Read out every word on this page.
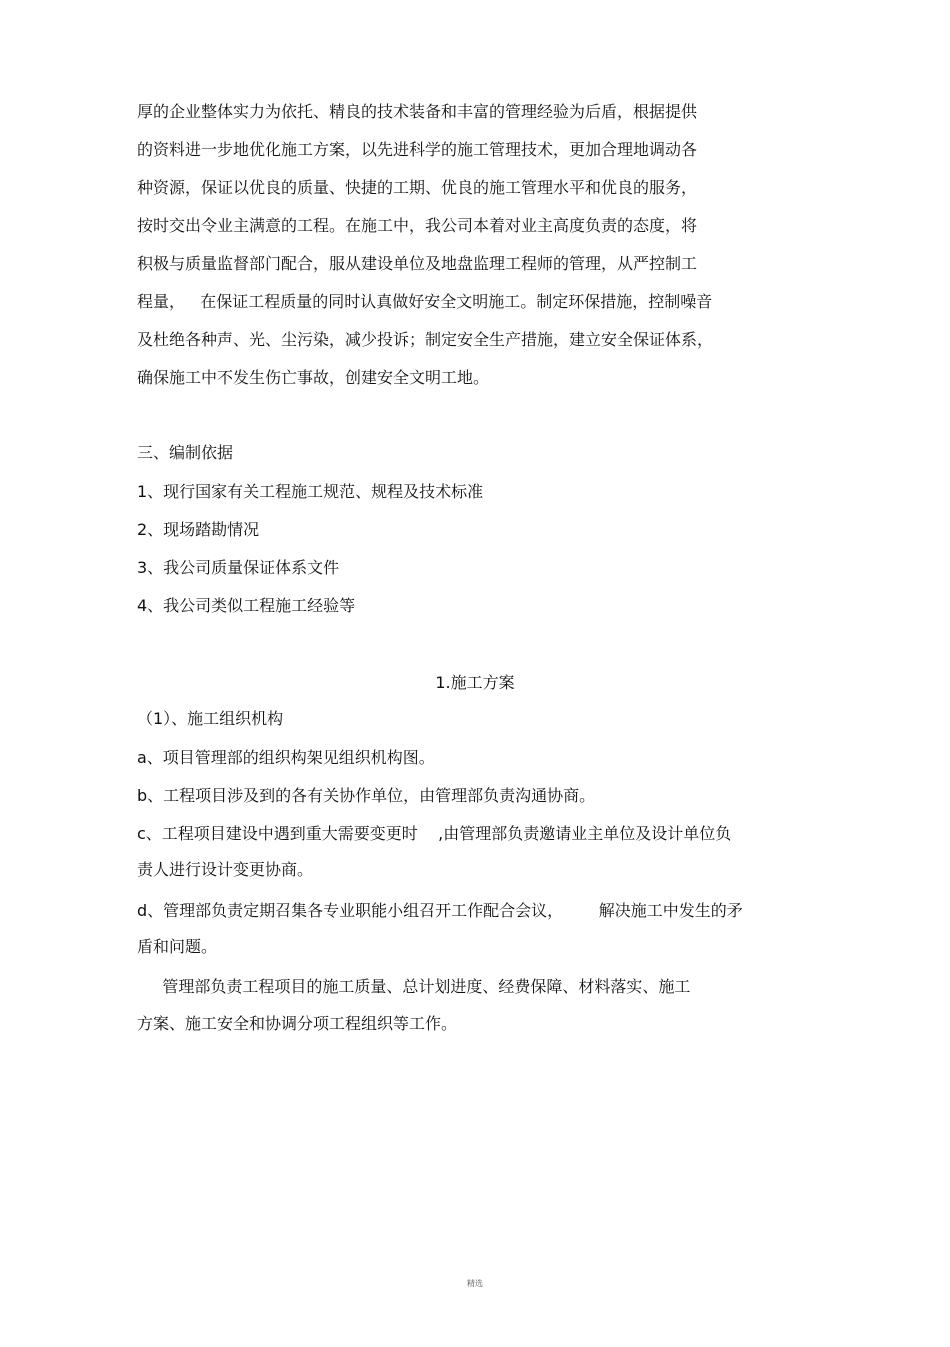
厚的企业整体实力为依托、精良的技术装备和丰富的管理经验为后盾，根据提供
的资料进一步地优化施工方案，以先进科学的施工管理技术，更加合理地调动各
种资源，保证以优良的质量、快捷的工期、优良的施工管理水平和优良的服务，
按时交出令业主满意的工程。在施工中，我公司本着对业主高度负责的态度，将
积极与质量监督部门配合，服从建设单位及地盘监理工程师的管理，从严控制工
程量，   在保证工程质量的同时认真做好安全文明施工。制定环保措施，控制噪音
及杜绝各种声、光、尘污染，减少投诉；制定安全生产措施，建立安全保证体系，
确保施工中不发生伤亡事故，创建安全文明工地。
三、编制依据
1、现行国家有关工程施工规范、规程及技术标准
2、现场踏勘情况
3、我公司质量保证体系文件
4、我公司类似工程施工经验等
1.施工方案
（1）、施工组织机构
a、项目管理部的组织构架见组织机构图。
b、工程项目涉及到的各有关协作单位，由管理部负责沟通协商。
c、工程项目建设中遇到重大需要变更时    ,由管理部负责邀请业主单位及设计单位负
责人进行设计变更协商。
d、管理部负责定期召集各专业职能小组召开工作配合会议，       解决施工中发生的矛
盾和问题。
管理部负责工程项目的施工质量、总计划进度、经费保障、材料落实、施工
方案、施工安全和协调分项工程组织等工作。
精选
